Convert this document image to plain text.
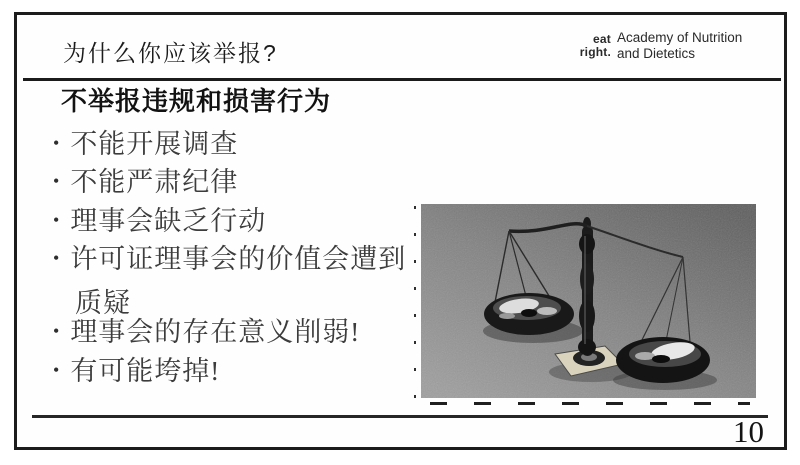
eat
right.
Academy of Nutrition
and Dietetics
为什么你应该举报?
不举报违规和损害行为
• 不能开展调查
• 不能严肃纪律
• 理事会缺乏行动
• 许可证理事会的价值会遭到
质疑
• 理事会的存在意义削弱!
• 有可能垮掉!
10
